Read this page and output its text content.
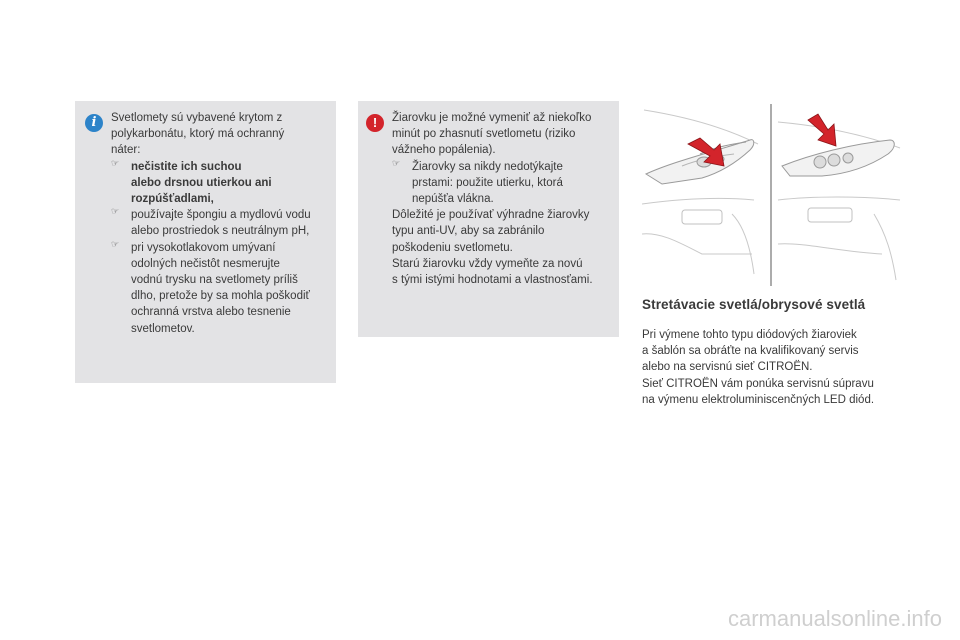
i	Svetlomety sú vybavené krytom z

polykarbonátu, ktorý má ochranný

náter:

☞ nečistite ich suchou

alebo drsnou utierkou ani

rozpúšťadlami,

☞ používajte špongiu a mydlovú vodu

alebo prostriedok s neutrálnym pH,

☞ pri vysokotlakovom umývaní

odolných nečistôt nesmerujte

vodnú trysku na svetlomety príliš

dlho, pretože by sa mohla poškodiť

ochranná vrstva alebo tesnenie

svetlometov.

!	Žiarovku je možné vymeniť až niekoľko

minút po zhasnutí svetlometu (riziko

vážneho popálenia).

☞ Žiarovky sa nikdy nedotýkajte

prstami: použite utierku, ktorá

nepúšťa vlákna.

Dôležité je používať výhradne žiarovky

typu anti-UV, aby sa zabránilo

poškodeniu svetlometu.

Starú žiarovku vždy vymeňte za novú

s tými istými hodnotami a vlastnosťami.

Stretávacie svetlá/obrysové svetlá

Pri výmene tohto typu diódových žiaroviek

a šablón sa obráťte na kvalifikovaný servis

alebo na servisnú sieť CITROËN.

Sieť CITROËN vám ponúka servisnú súpravu

na výmenu elektroluminiscenčných LED diód.

carmanualsonline.info
